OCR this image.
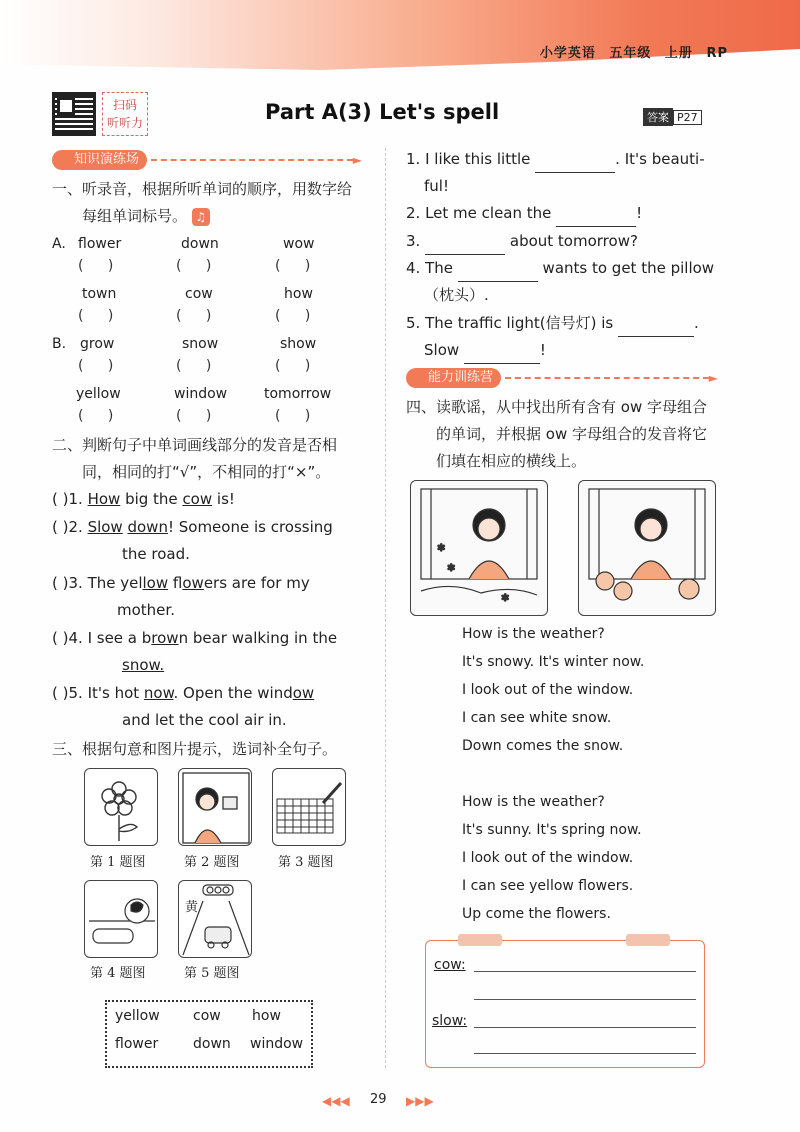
小学英语 五年级 上册 RP
扫码
听听力	Part A(3) Let's spell	答案 P27
知识演练场	►
一、听录音，根据所听单词的顺序，用数字给
每组单词标号。 ♫
A.
B.
flower	down	wow
( )	( )	( )
town	cow	how
( )	( )	( )
grow	snow	show
( )	( )	( )
yellow	window	tomorrow
( )	( )	( )
二、判断句子中单词画线部分的发音是否相
同，相同的打“√”，不相同的打“×”。
( )1. How big the cow is!
( )2. Slow down! Someone is crossing
the road.
( )3. The yellow flowers are for my
mother.
( )4. I see a brown bear walking in the
snow.
( )5. It's hot now. Open the window
and let the cool air in.
三、根据句意和图片提示，选词补全句子。
第 1 题图	第 2 题图	第 3 题图
黄
第 4 题图	第 5 题图
yellow cow how
flower down window
1. I like this little	. It's beauti-
ful!
2. Let me clean the	!
3.	about tomorrow?
4. The	wants to get the pillow
（枕头）.
5. The traffic light(信号灯) is	.
Slow	!
能力训练营	►
四、读歌谣，从中找出所有含有 ow 字母组合
的单词，并根据 ow 字母组合的发音将它
们填在相应的横线上。
✻
✻
✻
How is the weather?
It's snowy. It's winter now.
I look out of the window.
I can see white snow.
Down comes the snow.
How is the weather?
It's sunny. It's spring now.
I look out of the window.
I can see yellow flowers.
Up come the flowers.
cow:
slow:
◀◀◀ 29 ▶▶▶
